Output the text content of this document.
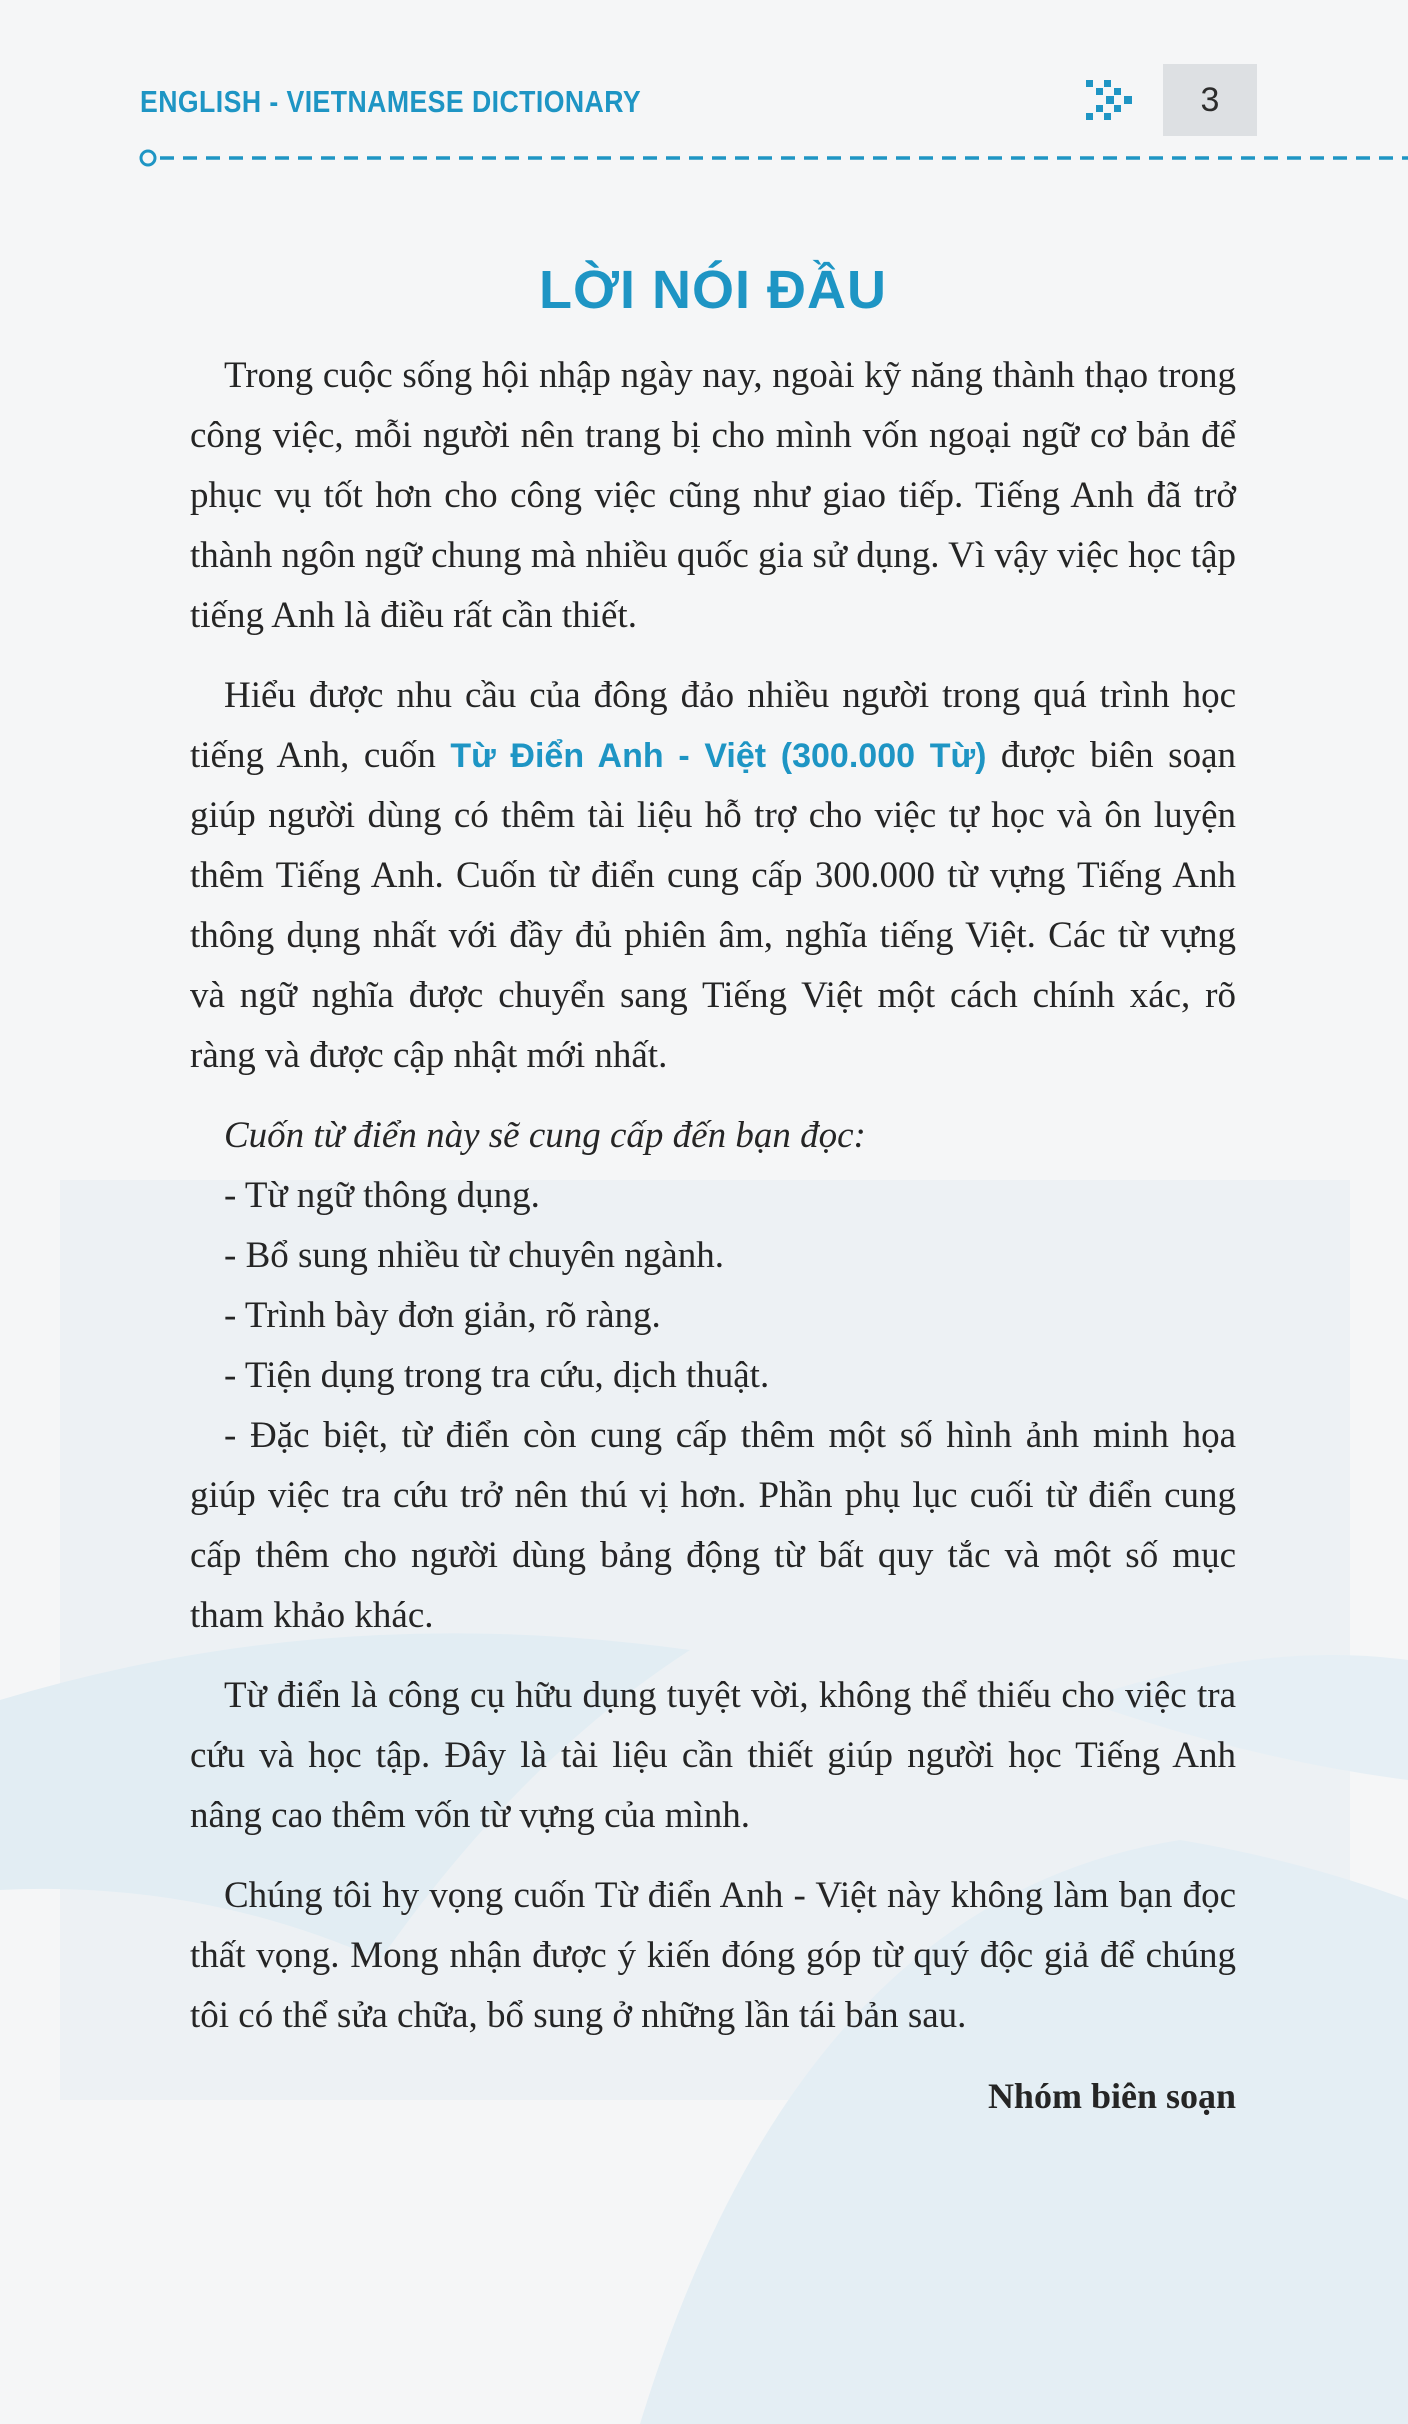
ENGLISH - VIETNAMESE DICTIONARY	3
LỜI NÓI ĐẦU

Trong cuộc sống hội nhập ngày nay, ngoài kỹ năng thành thạo trong công việc, mỗi người nên trang bị cho mình vốn ngoại ngữ cơ bản để phục vụ tốt hơn cho công việc cũng như giao tiếp. Tiếng Anh đã trở thành ngôn ngữ chung mà nhiều quốc gia sử dụng. Vì vậy việc học tập tiếng Anh là điều rất cần thiết.

Hiểu được nhu cầu của đông đảo nhiều người trong quá trình học tiếng Anh, cuốn Từ Điển Anh - Việt (300.000 Từ) được biên soạn giúp người dùng có thêm tài liệu hỗ trợ cho việc tự học và ôn luyện thêm Tiếng Anh. Cuốn từ điển cung cấp 300.000 từ vựng Tiếng Anh thông dụng nhất với đầy đủ phiên âm, nghĩa tiếng Việt. Các từ vựng và ngữ nghĩa được chuyển sang Tiếng Việt một cách chính xác, rõ ràng và được cập nhật mới nhất.

Cuốn từ điển này sẽ cung cấp đến bạn đọc:

- Từ ngữ thông dụng.
- Bổ sung nhiều từ chuyên ngành.
- Trình bày đơn giản, rõ ràng.
- Tiện dụng trong tra cứu, dịch thuật.
- Đặc biệt, từ điển còn cung cấp thêm một số hình ảnh minh họa giúp việc tra cứu trở nên thú vị hơn. Phần phụ lục cuối từ điển cung cấp thêm cho người dùng bảng động từ bất quy tắc và một số mục tham khảo khác.

Từ điển là công cụ hữu dụng tuyệt vời, không thể thiếu cho việc tra cứu và học tập. Đây là tài liệu cần thiết giúp người học Tiếng Anh nâng cao thêm vốn từ vựng của mình.

Chúng tôi hy vọng cuốn Từ điển Anh - Việt này không làm bạn đọc thất vọng. Mong nhận được ý kiến đóng góp từ quý độc giả để chúng tôi có thể sửa chữa, bổ sung ở những lần tái bản sau.

Nhóm biên soạn
